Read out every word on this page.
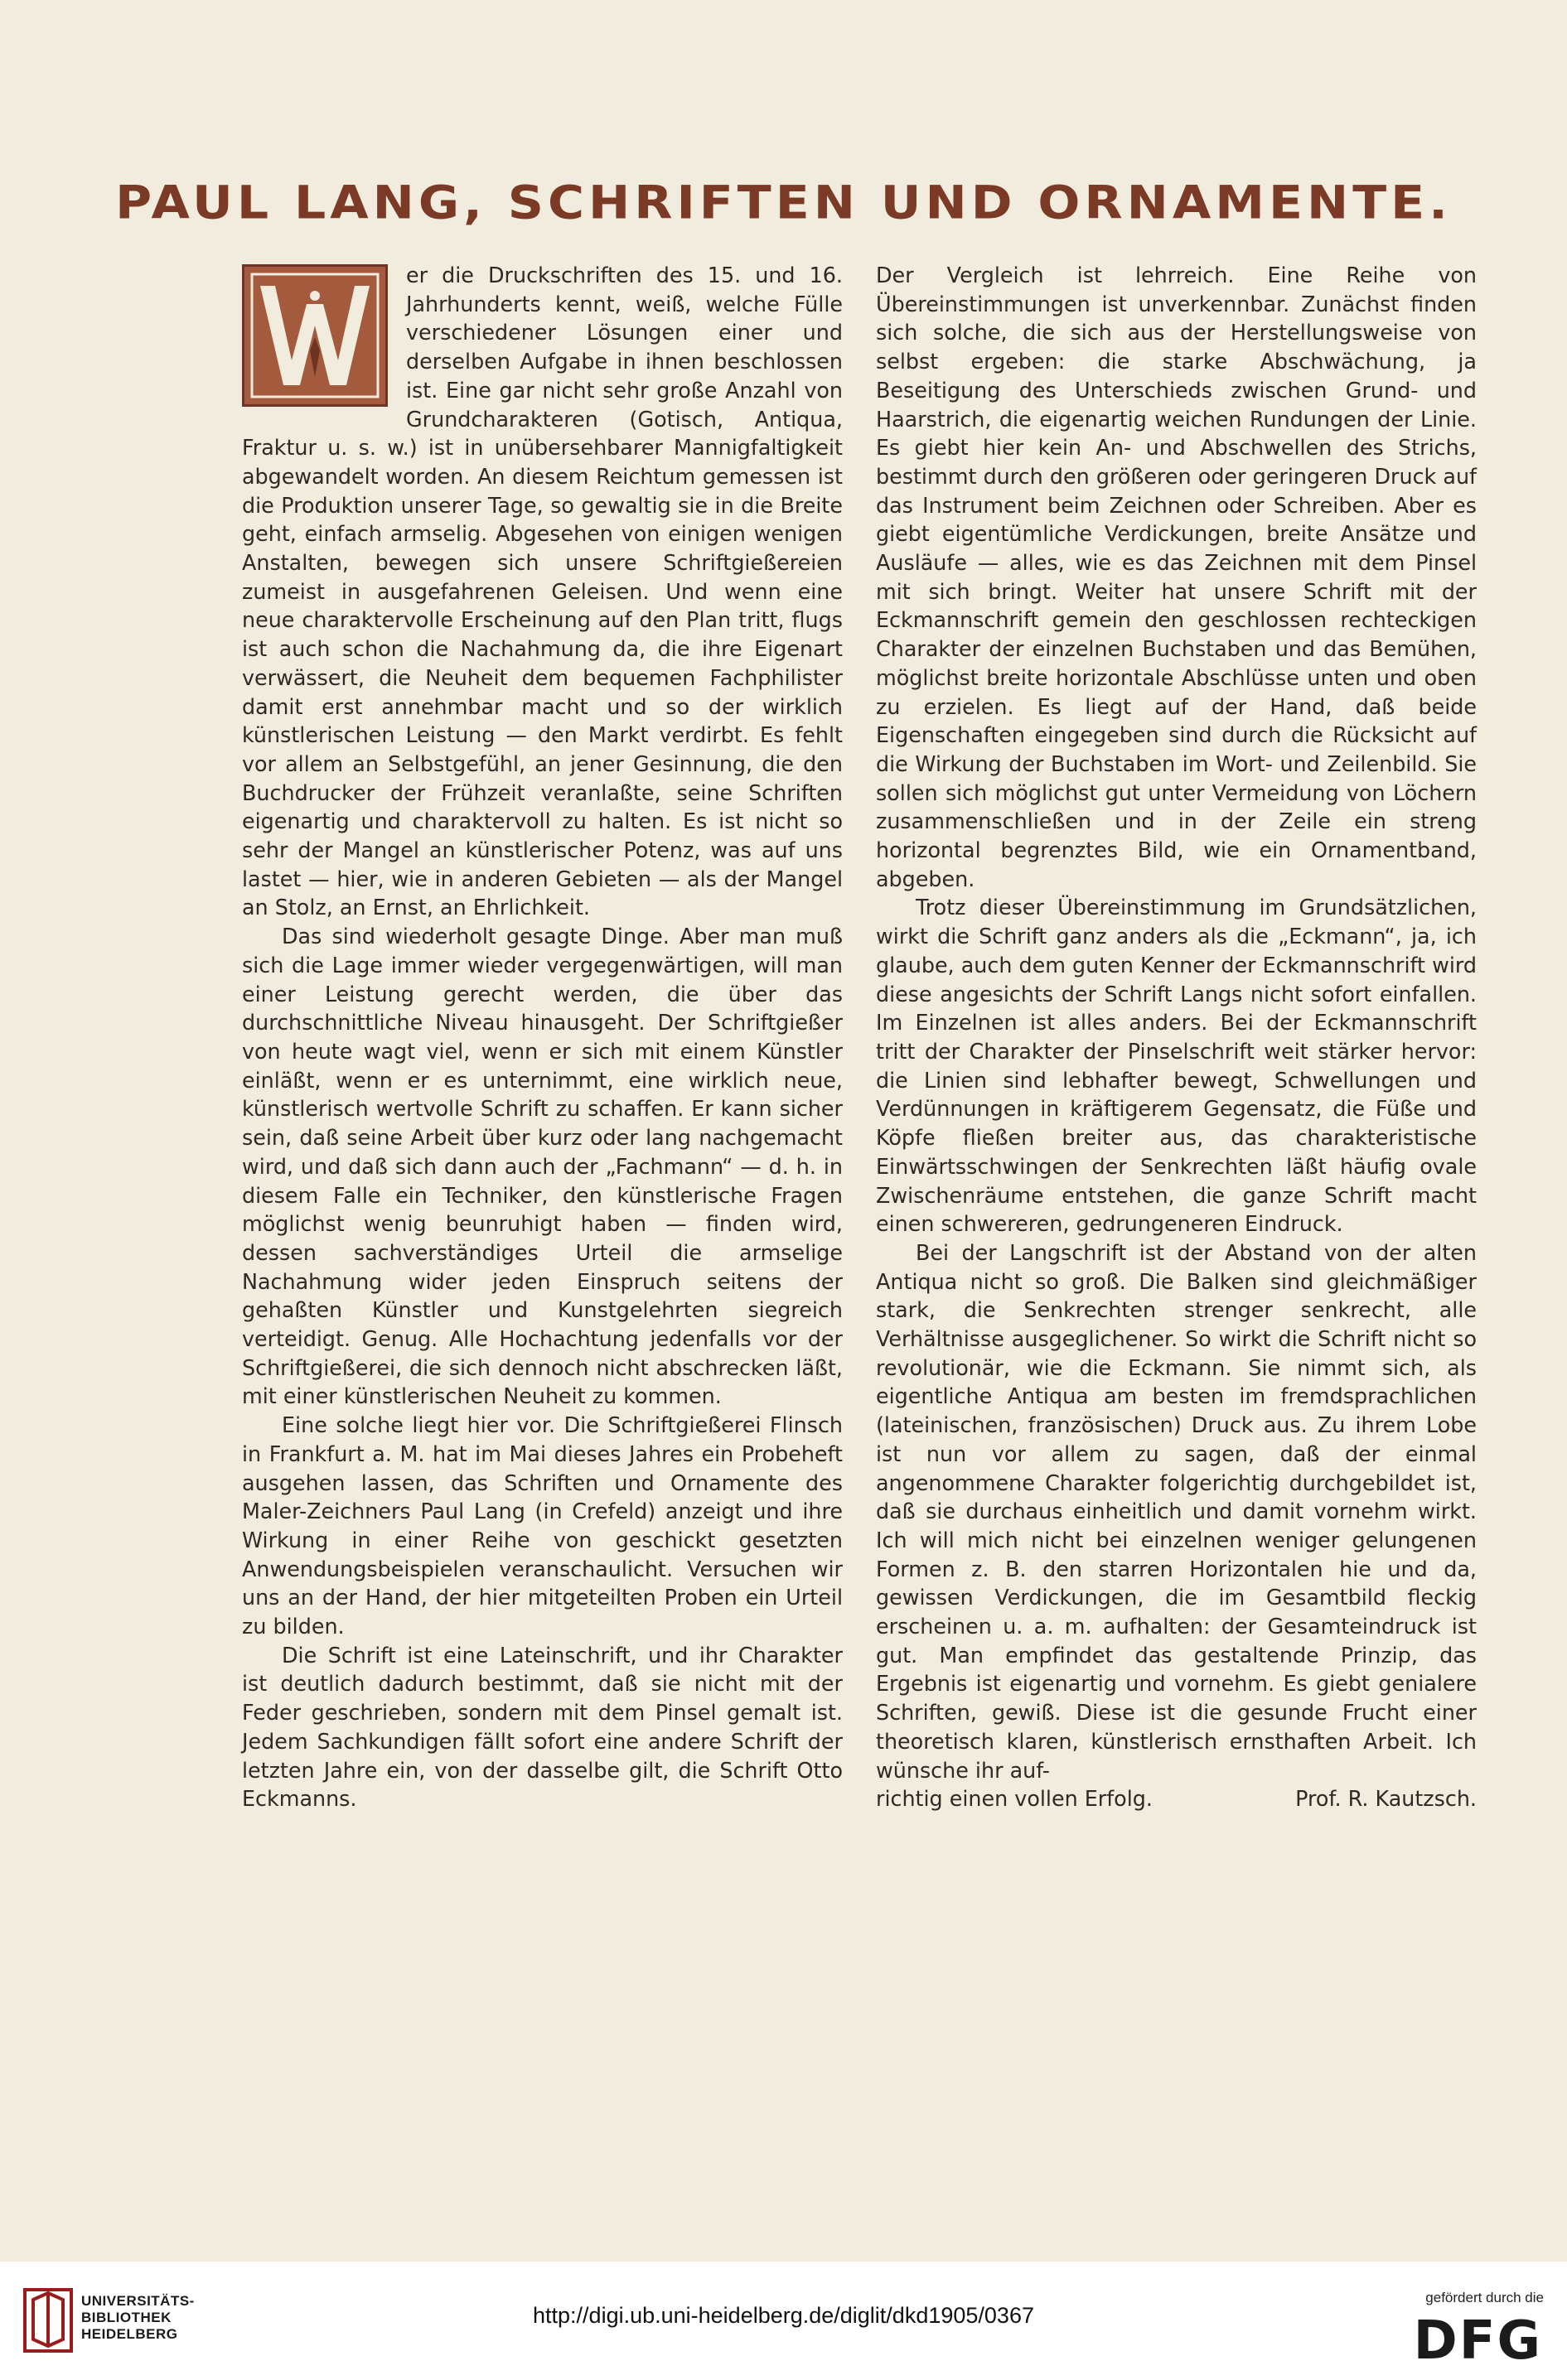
PAUL LANG, SCHRIFTEN UND ORNAMENTE.

er die Druckschriften des 15. und 16. Jahrhunderts kennt, weiß, welche Fülle verschiedener Lösungen einer und derselben Aufgabe in ihnen beschlossen ist. Eine gar nicht sehr große Anzahl von Grundcharakteren (Gotisch, Antiqua, Fraktur u. s. w.) ist in unübersehbarer Mannigfaltigkeit abgewandelt worden. An diesem Reichtum gemessen ist die Produktion unserer Tage, so gewaltig sie in die Breite geht, einfach armselig. Abgesehen von einigen wenigen Anstalten, bewegen sich unsere Schriftgießereien zumeist in ausgefahrenen Geleisen. Und wenn eine neue charaktervolle Erscheinung auf den Plan tritt, flugs ist auch schon die Nachahmung da, die ihre Eigenart verwässert, die Neuheit dem bequemen Fachphilister damit erst annehmbar macht und so der wirklich künstlerischen Leistung — den Markt verdirbt. Es fehlt vor allem an Selbstgefühl, an jener Gesinnung, die den Buchdrucker der Frühzeit veranlaßte, seine Schriften eigenartig und charaktervoll zu halten. Es ist nicht so sehr der Mangel an künstlerischer Potenz, was auf uns lastet — hier, wie in anderen Gebieten — als der Mangel an Stolz, an Ernst, an Ehrlichkeit.

Das sind wiederholt gesagte Dinge. Aber man muß sich die Lage immer wieder vergegenwärtigen, will man einer Leistung gerecht werden, die über das durchschnittliche Niveau hinausgeht. Der Schriftgießer von heute wagt viel, wenn er sich mit einem Künstler einläßt, wenn er es unternimmt, eine wirklich neue, künstlerisch wertvolle Schrift zu schaffen. Er kann sicher sein, daß seine Arbeit über kurz oder lang nachgemacht wird, und daß sich dann auch der „Fachmann“ — d. h. in diesem Falle ein Techniker, den künstlerische Fragen möglichst wenig beunruhigt haben — finden wird, dessen sachverständiges Urteil die armselige Nachahmung wider jeden Einspruch seitens der gehaßten Künstler und Kunstgelehrten siegreich verteidigt. Genug. Alle Hochachtung jedenfalls vor der Schriftgießerei, die sich dennoch nicht abschrecken läßt, mit einer künstlerischen Neuheit zu kommen.

Eine solche liegt hier vor. Die Schriftgießerei Flinsch in Frankfurt a. M. hat im Mai dieses Jahres ein Probeheft ausgehen lassen, das Schriften und Ornamente des Maler-Zeichners Paul Lang (in Crefeld) anzeigt und ihre Wirkung in einer Reihe von geschickt gesetzten Anwendungsbeispielen veranschaulicht. Versuchen wir uns an der Hand, der hier mitgeteilten Proben ein Urteil zu bilden.

Die Schrift ist eine Lateinschrift, und ihr Charakter ist deutlich dadurch bestimmt, daß sie nicht mit der Feder geschrieben, sondern mit dem Pinsel gemalt ist. Jedem Sachkundigen fällt sofort eine andere Schrift der letzten Jahre ein, von der dasselbe gilt, die Schrift Otto Eckmanns.

Der Vergleich ist lehrreich. Eine Reihe von Übereinstimmungen ist unverkennbar. Zunächst finden sich solche, die sich aus der Herstellungsweise von selbst ergeben: die starke Abschwächung, ja Beseitigung des Unterschieds zwischen Grund- und Haarstrich, die eigenartig weichen Rundungen der Linie. Es giebt hier kein An- und Abschwellen des Strichs, bestimmt durch den größeren oder geringeren Druck auf das Instrument beim Zeichnen oder Schreiben. Aber es giebt eigentümliche Verdickungen, breite Ansätze und Ausläufe — alles, wie es das Zeichnen mit dem Pinsel mit sich bringt. Weiter hat unsere Schrift mit der Eckmannschrift gemein den geschlossen rechteckigen Charakter der einzelnen Buchstaben und das Bemühen, möglichst breite horizontale Abschlüsse unten und oben zu erzielen. Es liegt auf der Hand, daß beide Eigenschaften eingegeben sind durch die Rücksicht auf die Wirkung der Buchstaben im Wort- und Zeilenbild. Sie sollen sich möglichst gut unter Vermeidung von Löchern zusammenschließen und in der Zeile ein streng horizontal begrenztes Bild, wie ein Ornamentband, abgeben.

Trotz dieser Übereinstimmung im Grundsätzlichen, wirkt die Schrift ganz anders als die „Eckmann“, ja, ich glaube, auch dem guten Kenner der Eckmannschrift wird diese angesichts der Schrift Langs nicht sofort einfallen. Im Einzelnen ist alles anders. Bei der Eckmannschrift tritt der Charakter der Pinselschrift weit stärker hervor: die Linien sind lebhafter bewegt, Schwellungen und Verdünnungen in kräftigerem Gegensatz, die Füße und Köpfe fließen breiter aus, das charakteristische Einwärtsschwingen der Senkrechten läßt häufig ovale Zwischenräume entstehen, die ganze Schrift macht einen schwereren, gedrungeneren Eindruck.

Bei der Langschrift ist der Abstand von der alten Antiqua nicht so groß. Die Balken sind gleichmäßiger stark, die Senkrechten strenger senkrecht, alle Verhältnisse ausgeglichener. So wirkt die Schrift nicht so revolutionär, wie die Eckmann. Sie nimmt sich, als eigentliche Antiqua am besten im fremdsprachlichen (lateinischen, französischen) Druck aus. Zu ihrem Lobe ist nun vor allem zu sagen, daß der einmal angenommene Charakter folgerichtig durchgebildet ist, daß sie durchaus einheitlich und damit vornehm wirkt. Ich will mich nicht bei einzelnen weniger gelungenen Formen z. B. den starren Horizontalen hie und da, gewissen Verdickungen, die im Gesamtbild fleckig erscheinen u. a. m. aufhalten: der Gesamteindruck ist gut. Man empfindet das gestaltende Prinzip, das Ergebnis ist eigenartig und vornehm. Es giebt genialere Schriften, gewiß. Diese ist die gesunde Frucht einer theoretisch klaren, künstlerisch ernsthaften Arbeit. Ich wünsche ihr auf-

richtig einen vollen Erfolg.	Prof. R. Kautzsch.

UNIVERSITÄTS-
BIBLIOTHEK
HEIDELBERG
http://digi.ub.uni-heidelberg.de/diglit/dkd1905/0367
gefördert durch die
DFG
